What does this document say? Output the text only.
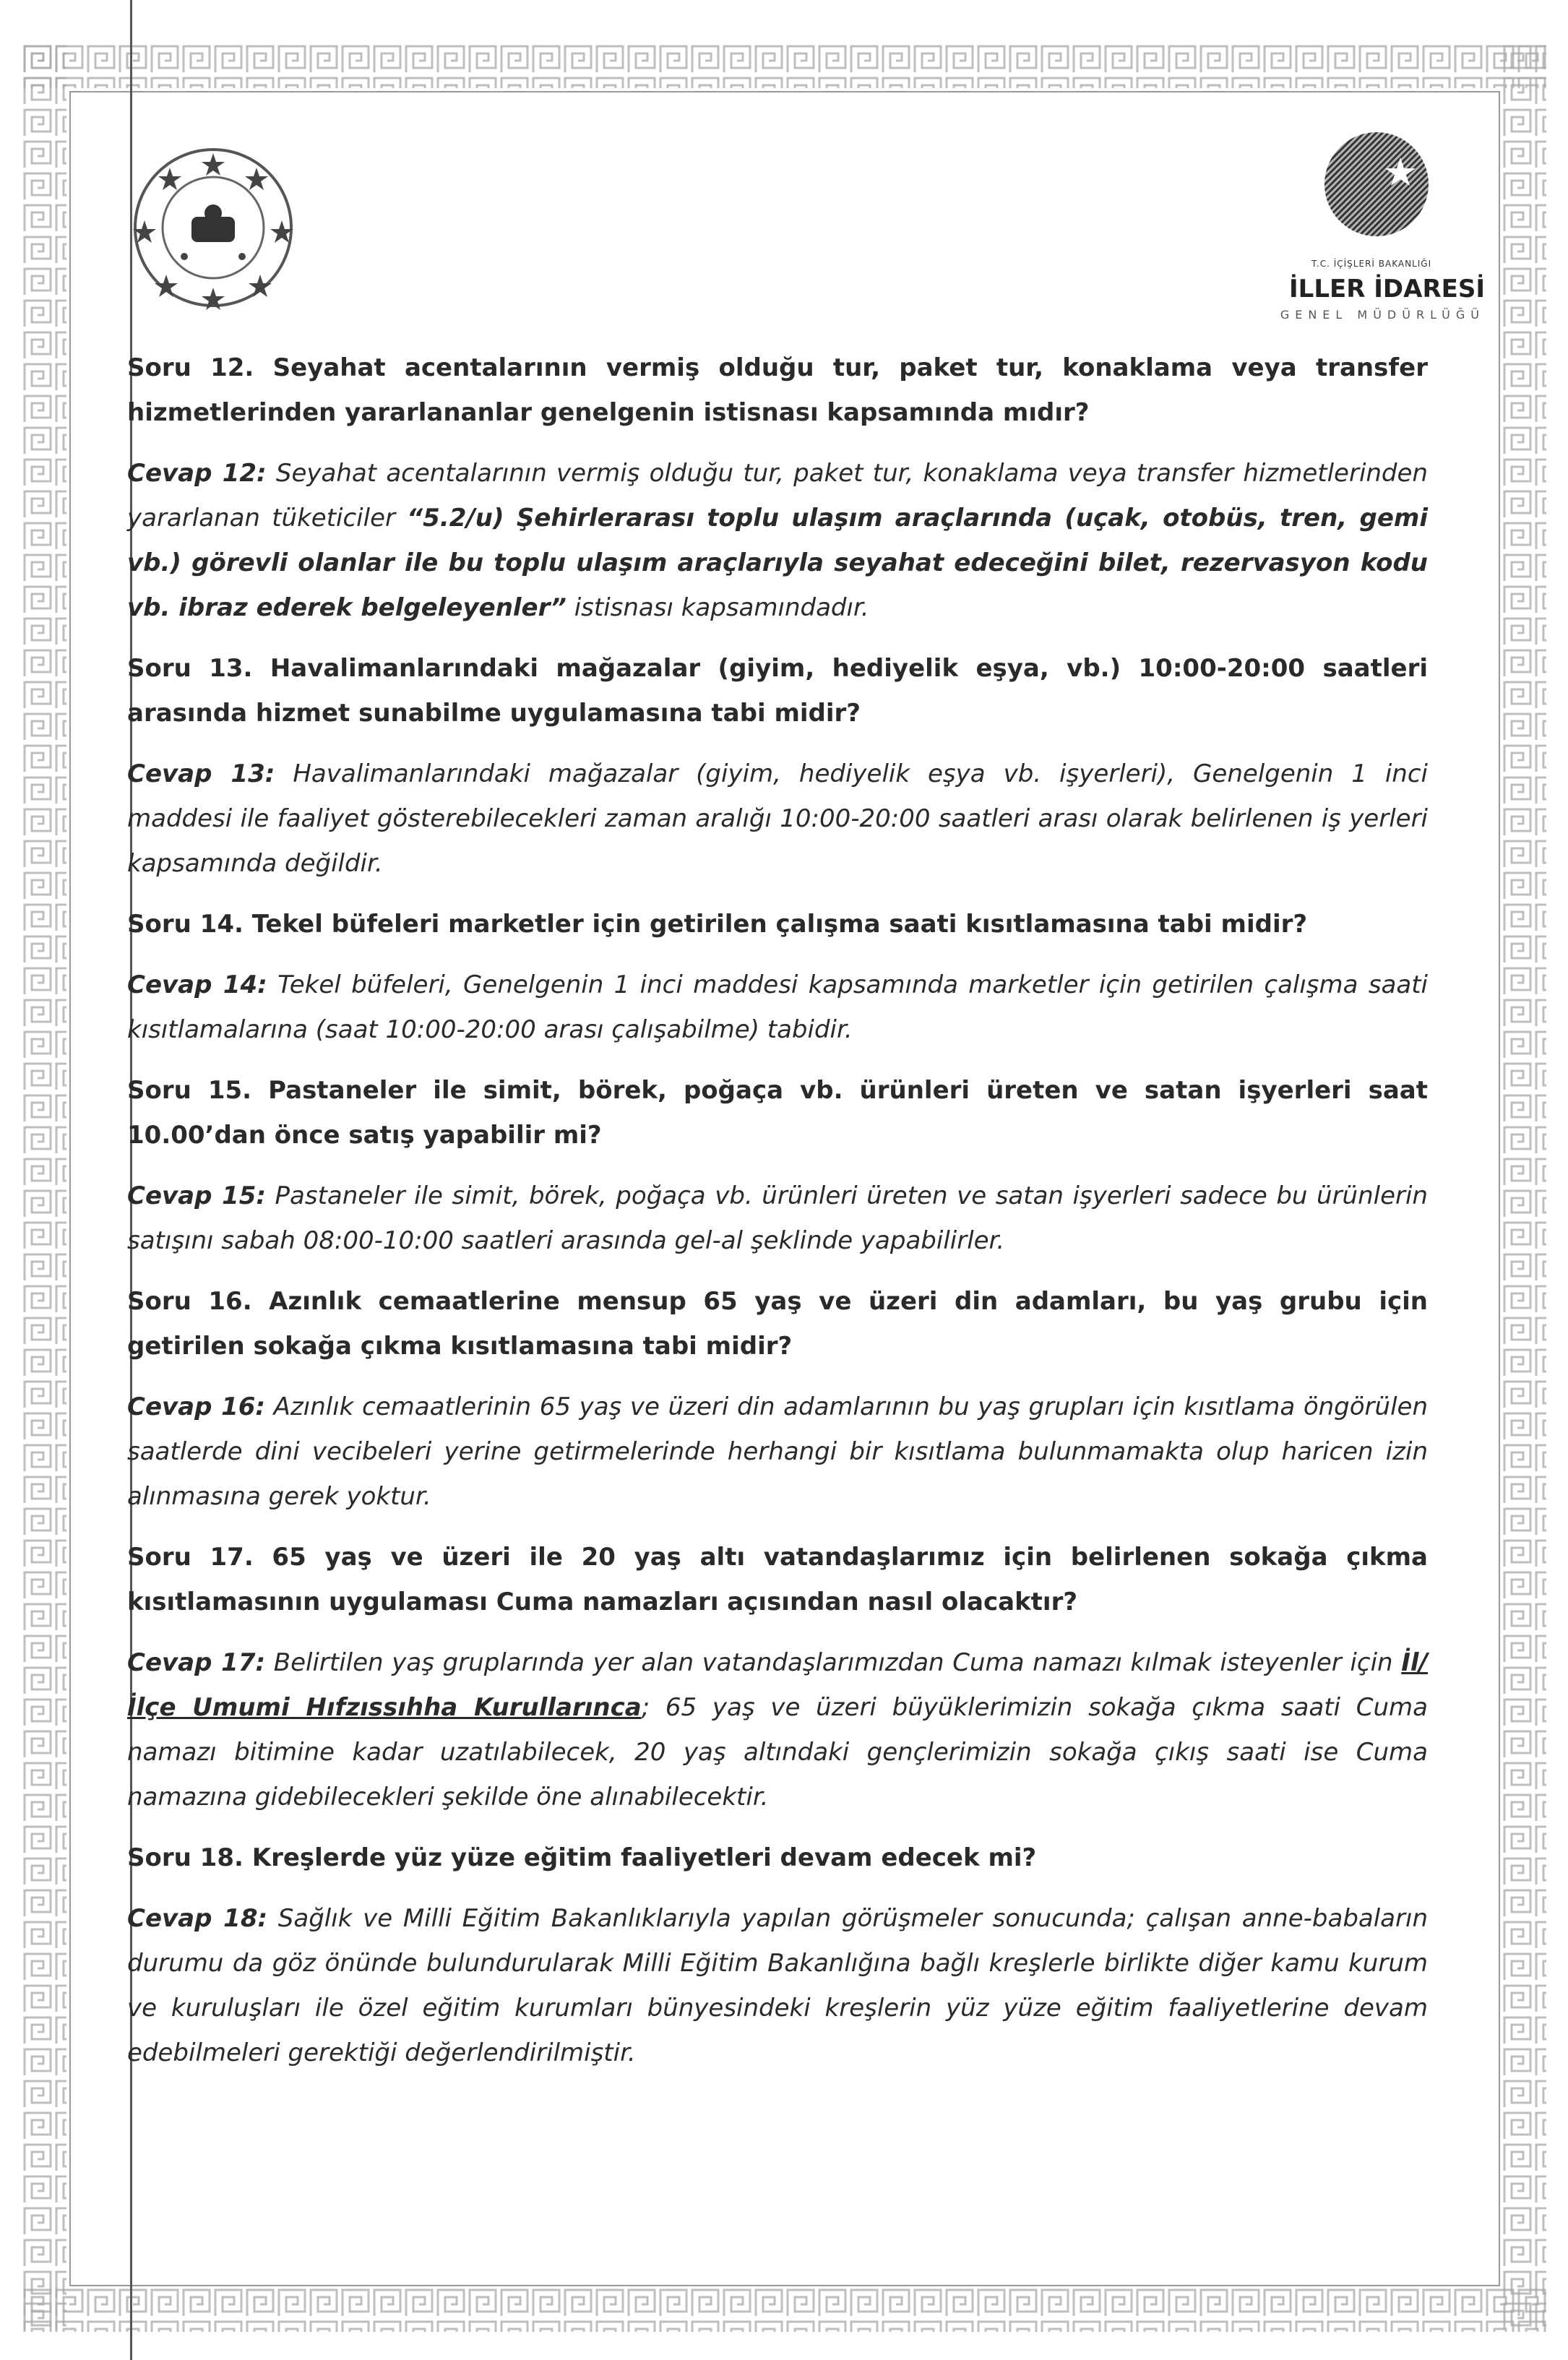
T.C. İÇİŞLERİ BAKANLIĞI
İLLER İDARESİ
GENEL MÜDÜRLÜĞÜ

Soru 12. Seyahat acentalarının vermiş olduğu tur, paket tur, konaklama veya transfer hizmetlerinden yararlananlar genelgenin istisnası kapsamında mıdır?

Cevap 12: Seyahat acentalarının vermiş olduğu tur, paket tur, konaklama veya transfer hizmetlerinden yararlanan tüketiciler “5.2/u) Şehirlerarası toplu ulaşım araçlarında (uçak, otobüs, tren, gemi vb.) görevli olanlar ile bu toplu ulaşım araçlarıyla seyahat edeceğini bilet, rezervasyon kodu vb. ibraz ederek belgeleyenler” istisnası kapsamındadır.

Soru 13. Havalimanlarındaki mağazalar (giyim, hediyelik eşya, vb.) 10:00-20:00 saatleri arasında hizmet sunabilme uygulamasına tabi midir?

Cevap 13: Havalimanlarındaki mağazalar (giyim, hediyelik eşya vb. işyerleri), Genelgenin 1 inci maddesi ile faaliyet gösterebilecekleri zaman aralığı 10:00-20:00 saatleri arası olarak belirlenen iş yerleri kapsamında değildir.

Soru 14. Tekel büfeleri marketler için getirilen çalışma saati kısıtlamasına tabi midir?

Cevap 14: Tekel büfeleri, Genelgenin 1 inci maddesi kapsamında marketler için getirilen çalışma saati kısıtlamalarına (saat 10:00-20:00 arası çalışabilme) tabidir.

Soru 15. Pastaneler ile simit, börek, poğaça vb. ürünleri üreten ve satan işyerleri saat 10.00’dan önce satış yapabilir mi?

Cevap 15: Pastaneler ile simit, börek, poğaça vb. ürünleri üreten ve satan işyerleri sadece bu ürünlerin satışını sabah 08:00-10:00 saatleri arasında gel-al şeklinde yapabilirler.

Soru 16. Azınlık cemaatlerine mensup 65 yaş ve üzeri din adamları, bu yaş grubu için getirilen sokağa çıkma kısıtlamasına tabi midir?

Cevap 16: Azınlık cemaatlerinin 65 yaş ve üzeri din adamlarının bu yaş grupları için kısıtlama öngörülen saatlerde dini vecibeleri yerine getirmelerinde herhangi bir kısıtlama bulunmamakta olup haricen izin alınmasına gerek yoktur.

Soru 17. 65 yaş ve üzeri ile 20 yaş altı vatandaşlarımız için belirlenen sokağa çıkma kısıtlamasının uygulaması Cuma namazları açısından nasıl olacaktır?

Cevap 17: Belirtilen yaş gruplarında yer alan vatandaşlarımızdan Cuma namazı kılmak isteyenler için İl/İlçe Umumi Hıfzıssıhha Kurullarınca; 65 yaş ve üzeri büyüklerimizin sokağa çıkma saati Cuma namazı bitimine kadar uzatılabilecek, 20 yaş altındaki gençlerimizin sokağa çıkış saati ise Cuma namazına gidebilecekleri şekilde öne alınabilecektir.

Soru 18. Kreşlerde yüz yüze eğitim faaliyetleri devam edecek mi?

Cevap 18: Sağlık ve Milli Eğitim Bakanlıklarıyla yapılan görüşmeler sonucunda; çalışan anne-babaların durumu da göz önünde bulundurularak Milli Eğitim Bakanlığına bağlı kreşlerle birlikte diğer kamu kurum ve kuruluşları ile özel eğitim kurumları bünyesindeki kreşlerin yüz yüze eğitim faaliyetlerine devam edebilmeleri gerektiği değerlendirilmiştir.
